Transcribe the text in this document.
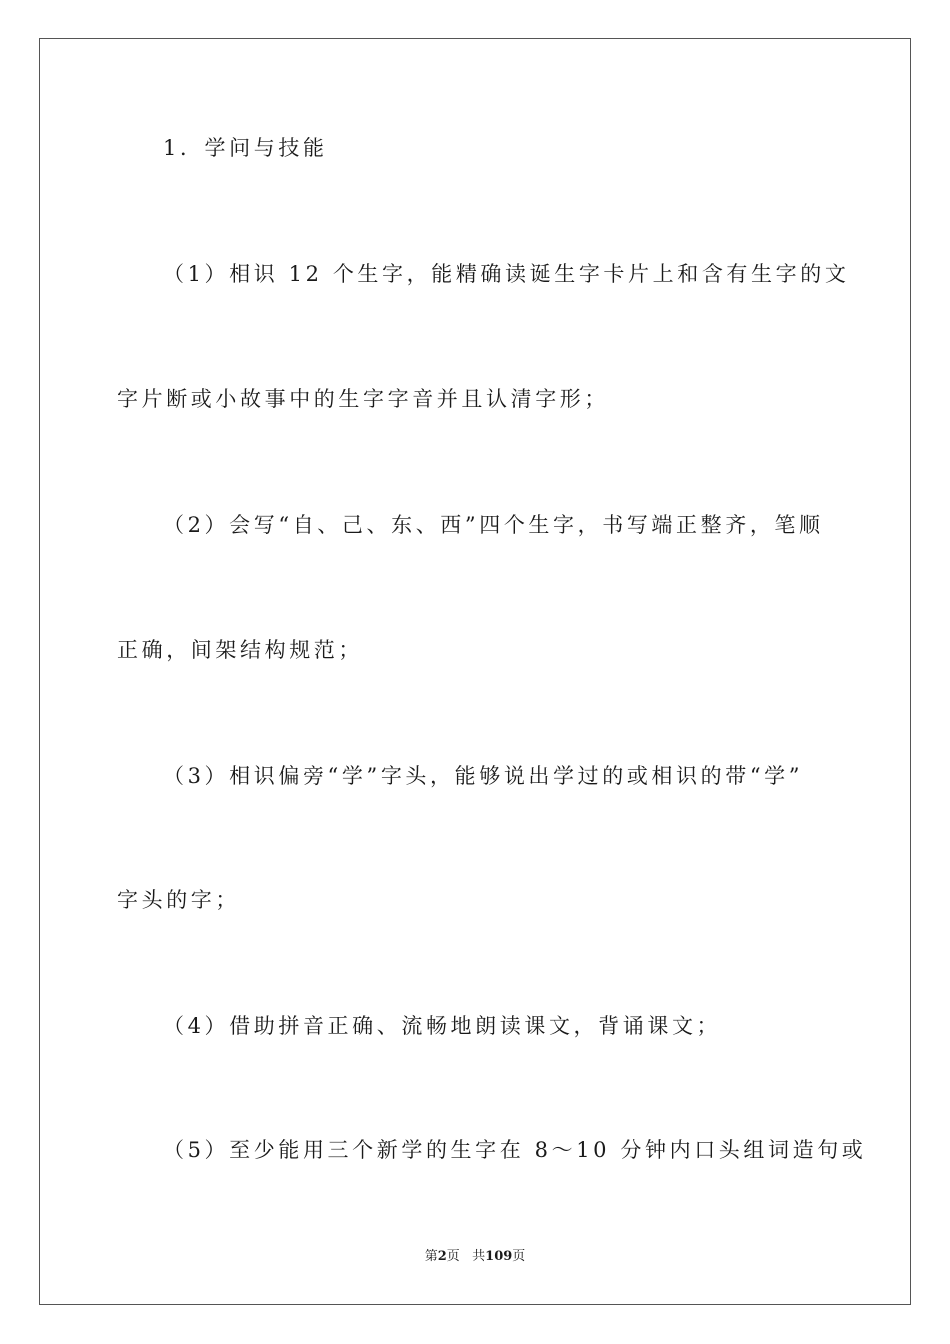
1．学问与技能
（1）相识 12 个生字，能精确读诞生字卡片上和含有生字的文
字片断或小故事中的生字字音并且认清字形；
（2）会写“自、己、东、西”四个生字，书写端正整齐，笔顺
正确，间架结构规范；
（3）相识偏旁“学”字头，能够说出学过的或相识的带“学”
字头的字；
（4）借助拼音正确、流畅地朗读课文，背诵课文；
（5）至少能用三个新学的生字在 8～10 分钟内口头组词造句或
第2页   共109页
